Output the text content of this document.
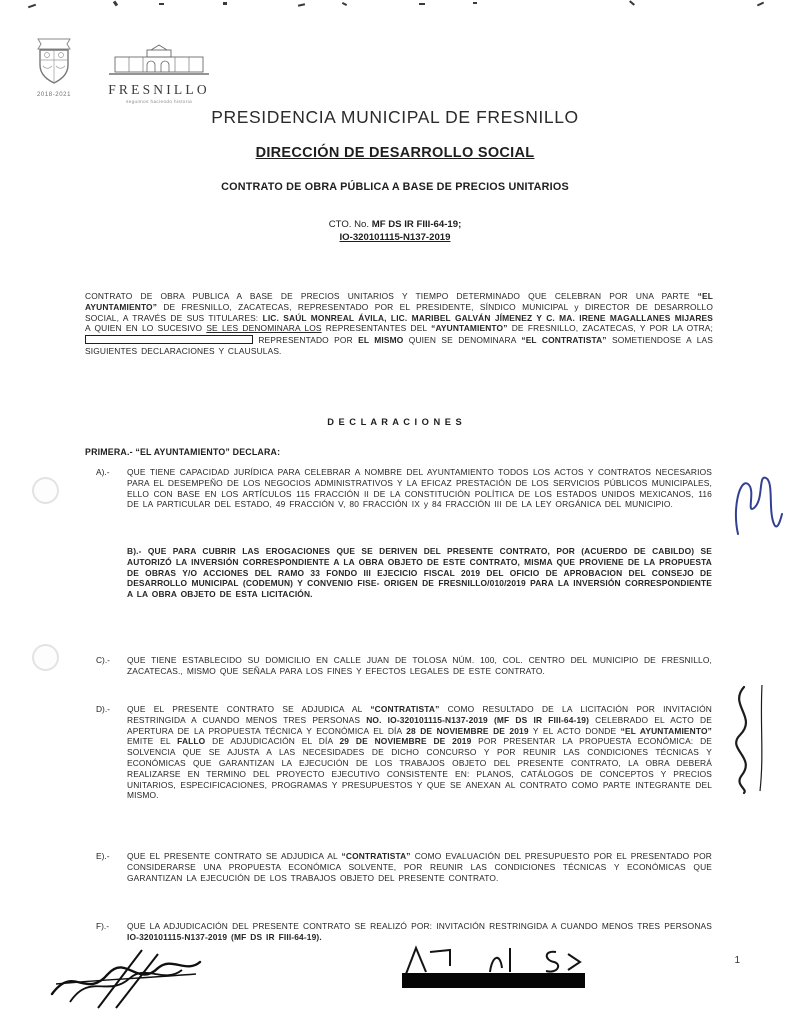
2018-2021	FRESNILLO
seguimos haciendo historia
PRESIDENCIA MUNICIPAL DE FRESNILLO
DIRECCIÓN DE DESARROLLO SOCIAL
CONTRATO DE OBRA PÚBLICA A BASE DE PRECIOS UNITARIOS
CTO. No. MF DS IR FIII-64-19;
IO-320101115-N137-2019

CONTRATO DE OBRA PUBLICA A BASE DE PRECIOS UNITARIOS Y TIEMPO DETERMINADO QUE CELEBRAN POR UNA PARTE “EL AYUNTAMIENTO” DE FRESNILLO, ZACATECAS, REPRESENTADO POR EL PRESIDENTE, SÍNDICO MUNICIPAL y DIRECTOR DE DESARROLLO SOCIAL, A TRAVÉS DE SUS TITULARES: LIC. SAÚL MONREAL ÁVILA, LIC. MARIBEL GALVÁN JÍMENEZ Y C. MA. IRENE MAGALLANES MIJARES A QUIEN EN LO SUCESIVO SE LES DENOMINARA LOS REPRESENTANTES DEL “AYUNTAMIENTO” DE FRESNILLO, ZACATECAS, Y POR LA OTRA;  REPRESENTADO POR EL MISMO QUIEN SE DENOMINARA “EL CONTRATISTA” SOMETIENDOSE A LAS SIGUIENTES DECLARACIONES Y CLAUSULAS.

D E C L A R A C I O N E S
PRIMERA.- “EL AYUNTAMIENTO” DECLARA:
A).- QUE TIENE CAPACIDAD JURÍDICA PARA CELEBRAR A NOMBRE DEL AYUNTAMIENTO TODOS LOS ACTOS Y CONTRATOS NECESARIOS PARA EL DESEMPEÑO DE LOS NEGOCIOS ADMINISTRATIVOS Y LA EFICAZ PRESTACIÓN DE LOS SERVICIOS PÚBLICOS MUNICIPALES, ELLO CON BASE EN LOS ARTÍCULOS 115 FRACCIÓN II DE LA CONSTITUCIÓN POLÍTICA DE LOS ESTADOS UNIDOS MEXICANOS, 116 DE LA PARTICULAR DEL ESTADO, 49 FRACCIÓN V, 80 FRACCIÓN IX y 84 FRACCIÓN III DE LA LEY ORGÁNICA DEL MUNICIPIO.

B).- QUE PARA CUBRIR LAS EROGACIONES QUE SE DERIVEN DEL PRESENTE CONTRATO, POR (ACUERDO DE CABILDO) SE AUTORIZÓ LA INVERSIÓN CORRESPONDIENTE A LA OBRA OBJETO DE ESTE CONTRATO, MISMA QUE PROVIENE DE LA PROPUESTA DE OBRAS Y/O ACCIONES DEL RAMO 33 FONDO III EJECICIO FISCAL 2019 DEL OFICIO DE APROBACION DEL CONSEJO DE DESARROLLO MUNICIPAL (CODEMUN) Y CONVENIO FISE- ORIGEN DE FRESNILLO/010/2019 PARA LA INVERSIÓN CORRESPONDIENTE A LA OBRA OBJETO DE ESTA LICITACIÓN.

C).- QUE TIENE ESTABLECIDO SU DOMICILIO EN CALLE JUAN DE TOLOSA NÚM. 100, COL. CENTRO DEL MUNICIPIO DE FRESNILLO, ZACATECAS., MISMO QUE SEÑALA PARA LOS FINES Y EFECTOS LEGALES DE ESTE CONTRATO.

D).- QUE EL PRESENTE CONTRATO SE ADJUDICA AL “CONTRATISTA” COMO RESULTADO DE LA LICITACIÓN POR INVITACIÓN RESTRINGIDA A CUANDO MENOS TRES PERSONAS NO. IO-320101115-N137-2019 (MF DS IR FIII-64-19) CELEBRADO EL ACTO DE APERTURA DE LA PROPUESTA TÉCNICA Y ECONÓMICA EL DÍA 28 DE NOVIEMBRE DE 2019 Y EL ACTO DONDE “EL AYUNTAMIENTO” EMITE EL FALLO DE ADJUDICACIÓN EL DÍA 29 DE NOVIEMBRE DE 2019 POR PRESENTAR LA PROPUESTA ECONÓMICA: DE SOLVENCIA QUE SE AJUSTA A LAS NECESIDADES DE DICHO CONCURSO Y POR REUNIR LAS CONDICIONES TÉCNICAS Y ECONÓMICAS QUE GARANTIZAN LA EJECUCIÓN DE LOS TRABAJOS OBJETO DEL PRESENTE CONTRATO, LA OBRA DEBERÁ REALIZARSE EN TERMINO DEL PROYECTO EJECUTIVO CONSISTENTE EN: PLANOS, CATÁLOGOS DE CONCEPTOS Y PRECIOS UNITARIOS, ESPECIFICACIONES, PROGRAMAS Y PRESUPUESTOS Y QUE SE ANEXAN AL CONTRATO COMO PARTE INTEGRANTE DEL MISMO.

E).- QUE EL PRESENTE CONTRATO SE ADJUDICA AL “CONTRATISTA” COMO EVALUACIÓN DEL PRESUPUESTO POR EL PRESENTADO POR CONSIDERARSE UNA PROPUESTA ECONÓMICA SOLVENTE, POR REUNIR LAS CONDICIONES TÉCNICAS Y ECONÓMICAS QUE GARANTIZAN LA EJECUCIÓN DE LOS TRABAJOS OBJETO DEL PRESENTE CONTRATO.

F).- QUE LA ADJUDICACIÓN DEL PRESENTE CONTRATO SE REALIZÓ POR: INVITACIÓN RESTRINGIDA A CUANDO MENOS TRES PERSONAS IO-320101115-N137-2019 (MF DS IR FIII-64-19).

1
